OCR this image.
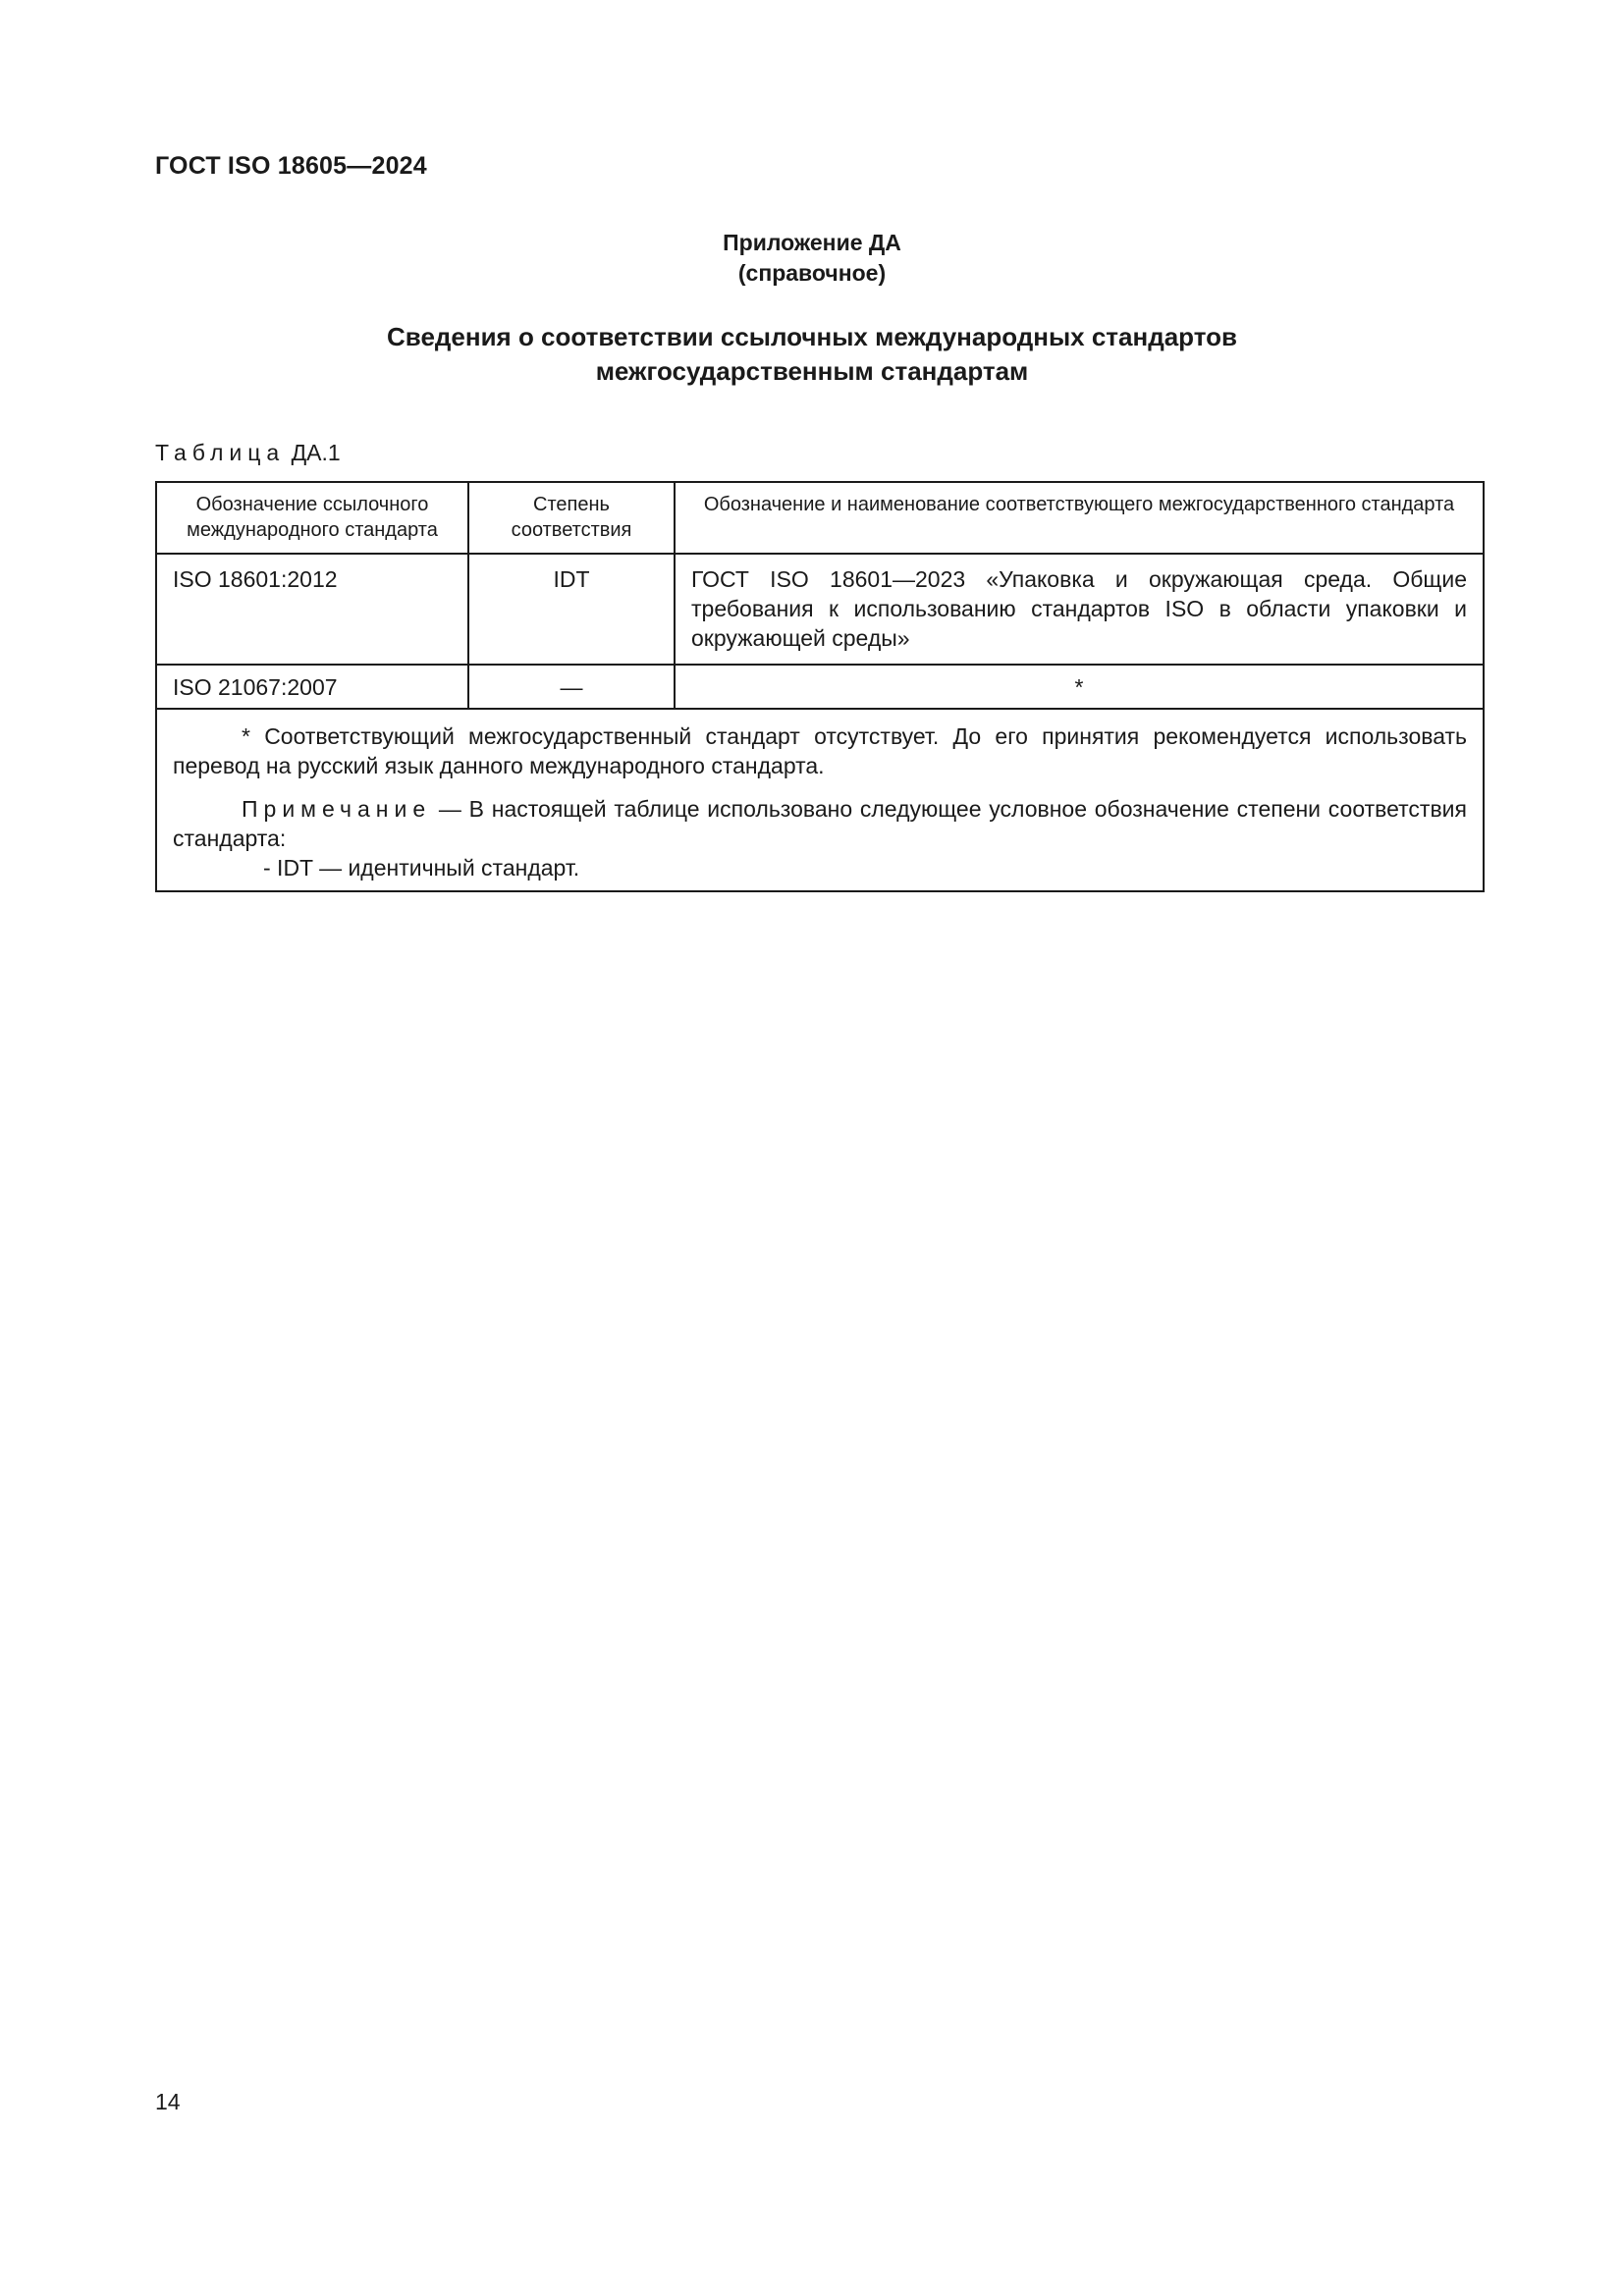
ГОСТ ISO 18605—2024
Приложение ДА
(справочное)
Сведения о соответствии ссылочных международных стандартов
межгосударственным стандартам
Таблица ДА.1
Обозначение ссылочного международного стандарта	Степень соответствия	Обозначение и наименование соответствующего межгосударственного стандарта
ISO 18601:2012	IDT	ГОСТ ISO 18601—2023 «Упаковка и окружающая среда. Общие требования к использованию стандартов ISO в области упаковки и окружающей среды»
ISO 21067:2007	—	*

* Соответствующий межгосударственный стандарт отсутствует. До его принятия рекомендуется использовать перевод на русский язык данного международного стандарта.

Примечание — В настоящей таблице использовано следующее условное обозначение степени соответствия стандарта:

- IDT — идентичный стандарт.		

14
